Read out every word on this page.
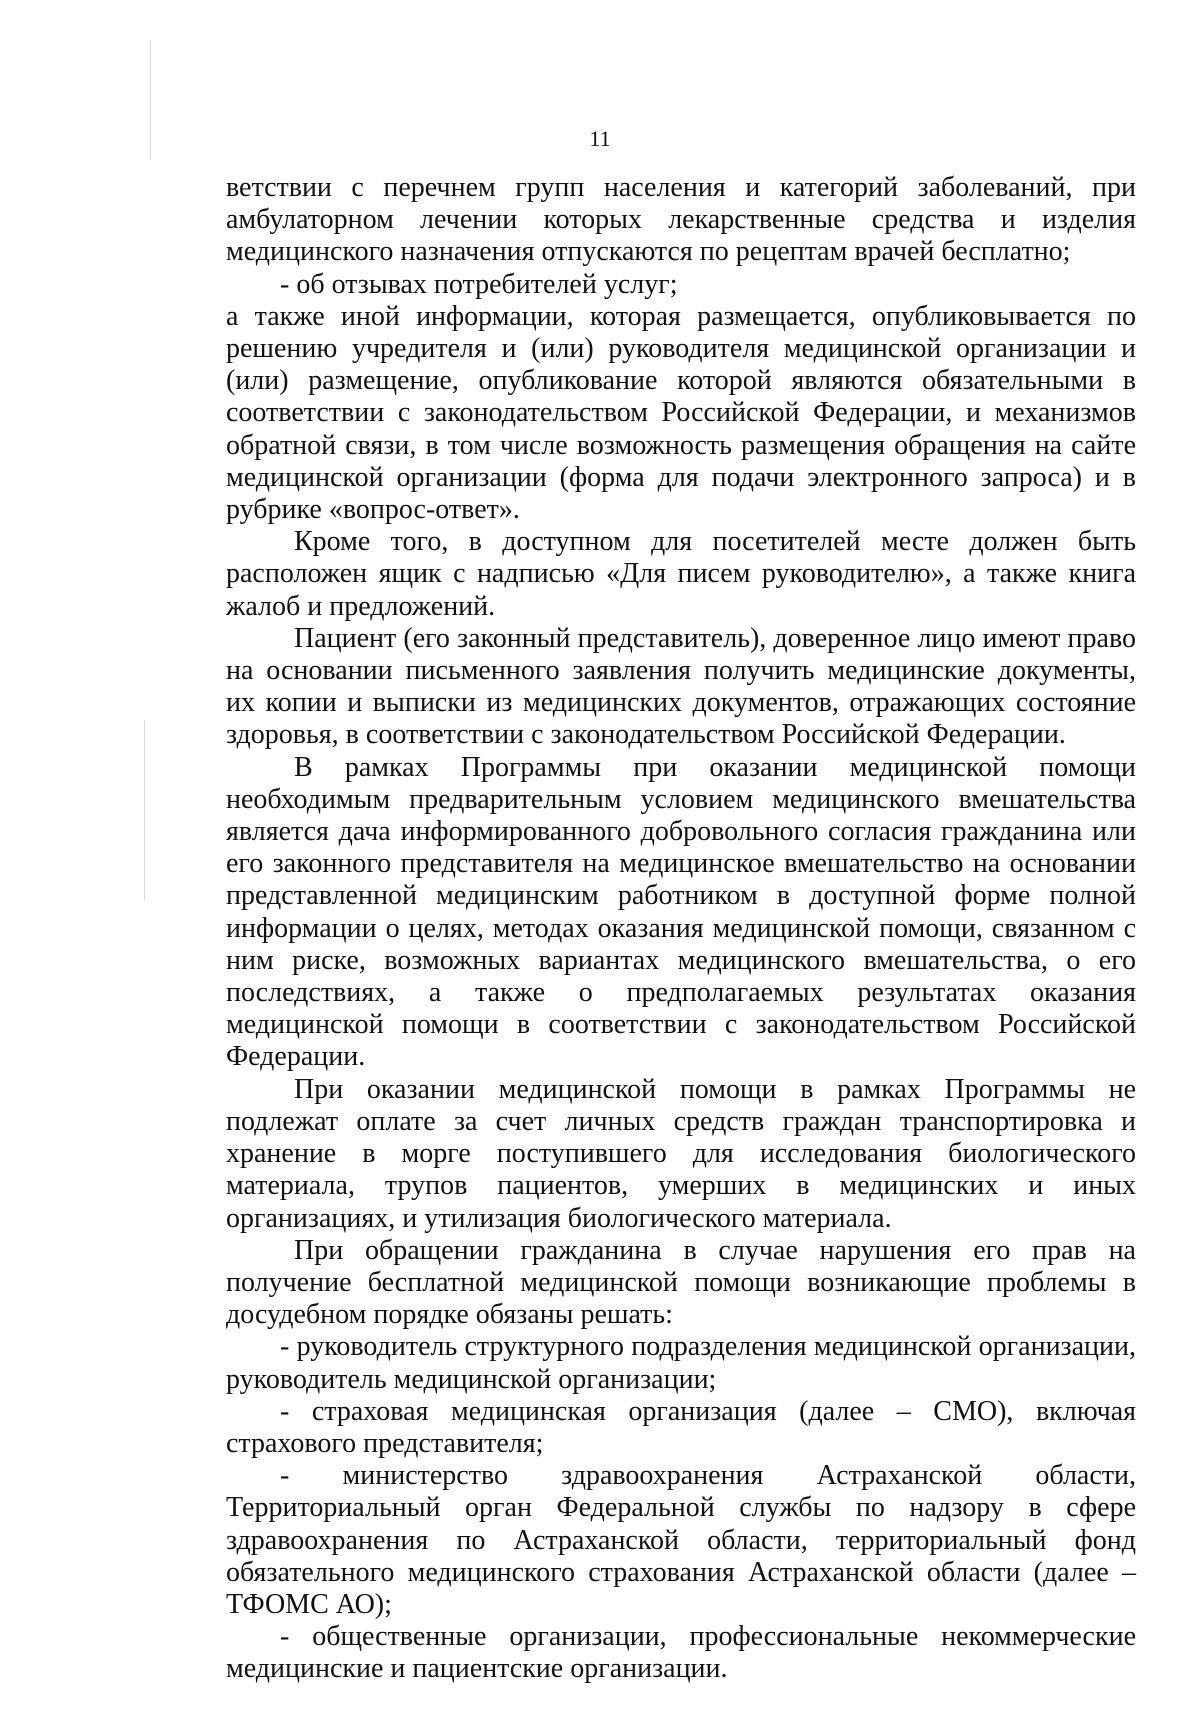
11

ветствии с перечнем групп населения и категорий заболеваний, при амбулаторном лечении которых лекарственные средства и изделия медицинского назначения отпускаются по рецептам врачей бесплатно;

- об отзывах потребителей услуг;

а также иной информации, которая размещается, опубликовывается по решению учредителя и (или) руководителя медицинской организации и (или) размещение, опубликование которой являются обязательными в соответствии с законодательством Российской Федерации, и механизмов обратной связи, в том числе возможность размещения обращения на сайте медицинской организации (форма для подачи электронного запроса) и в рубрике «вопрос-ответ».

Кроме того, в доступном для посетителей месте должен быть расположен ящик с надписью «Для писем руководителю», а также книга жалоб и предложений.

Пациент (его законный представитель), доверенное лицо имеют право на основании письменного заявления получить медицинские документы, их копии и выписки из медицинских документов, отражающих состояние здоровья, в соответствии с законодательством Российской Федерации.

В рамках Программы при оказании медицинской помощи необходимым предварительным условием медицинского вмешательства является дача информированного добровольного согласия гражданина или его законного представителя на медицинское вмешательство на основании представленной медицинским работником в доступной форме полной информации о целях, методах оказания медицинской помощи, связанном с ним риске, возможных вариантах медицинского вмешательства, о его последствиях, а также о предполагаемых результатах оказания медицинской помощи в соответствии с законодательством Российской Федерации.

При оказании медицинской помощи в рамках Программы не подлежат оплате за счет личных средств граждан транспортировка и хранение в морге поступившего для исследования биологического материала, трупов пациентов, умерших в медицинских и иных организациях, и утилизация биологического материала.

При обращении гражданина в случае нарушения его прав на получение бесплатной медицинской помощи возникающие проблемы в досудебном порядке обязаны решать:

- руководитель структурного подразделения медицинской организации, руководитель медицинской организации;

- страховая медицинская организация (далее – СМО), включая страхового представителя;

- министерство здравоохранения Астраханской области, Территориальный орган Федеральной службы по надзору в сфере здравоохранения по Астраханской области, территориальный фонд обязательного медицинского страхования Астраханской области (далее – ТФОМС АО);

- общественные организации, профессиональные некоммерческие медицинские и пациентские организации.
